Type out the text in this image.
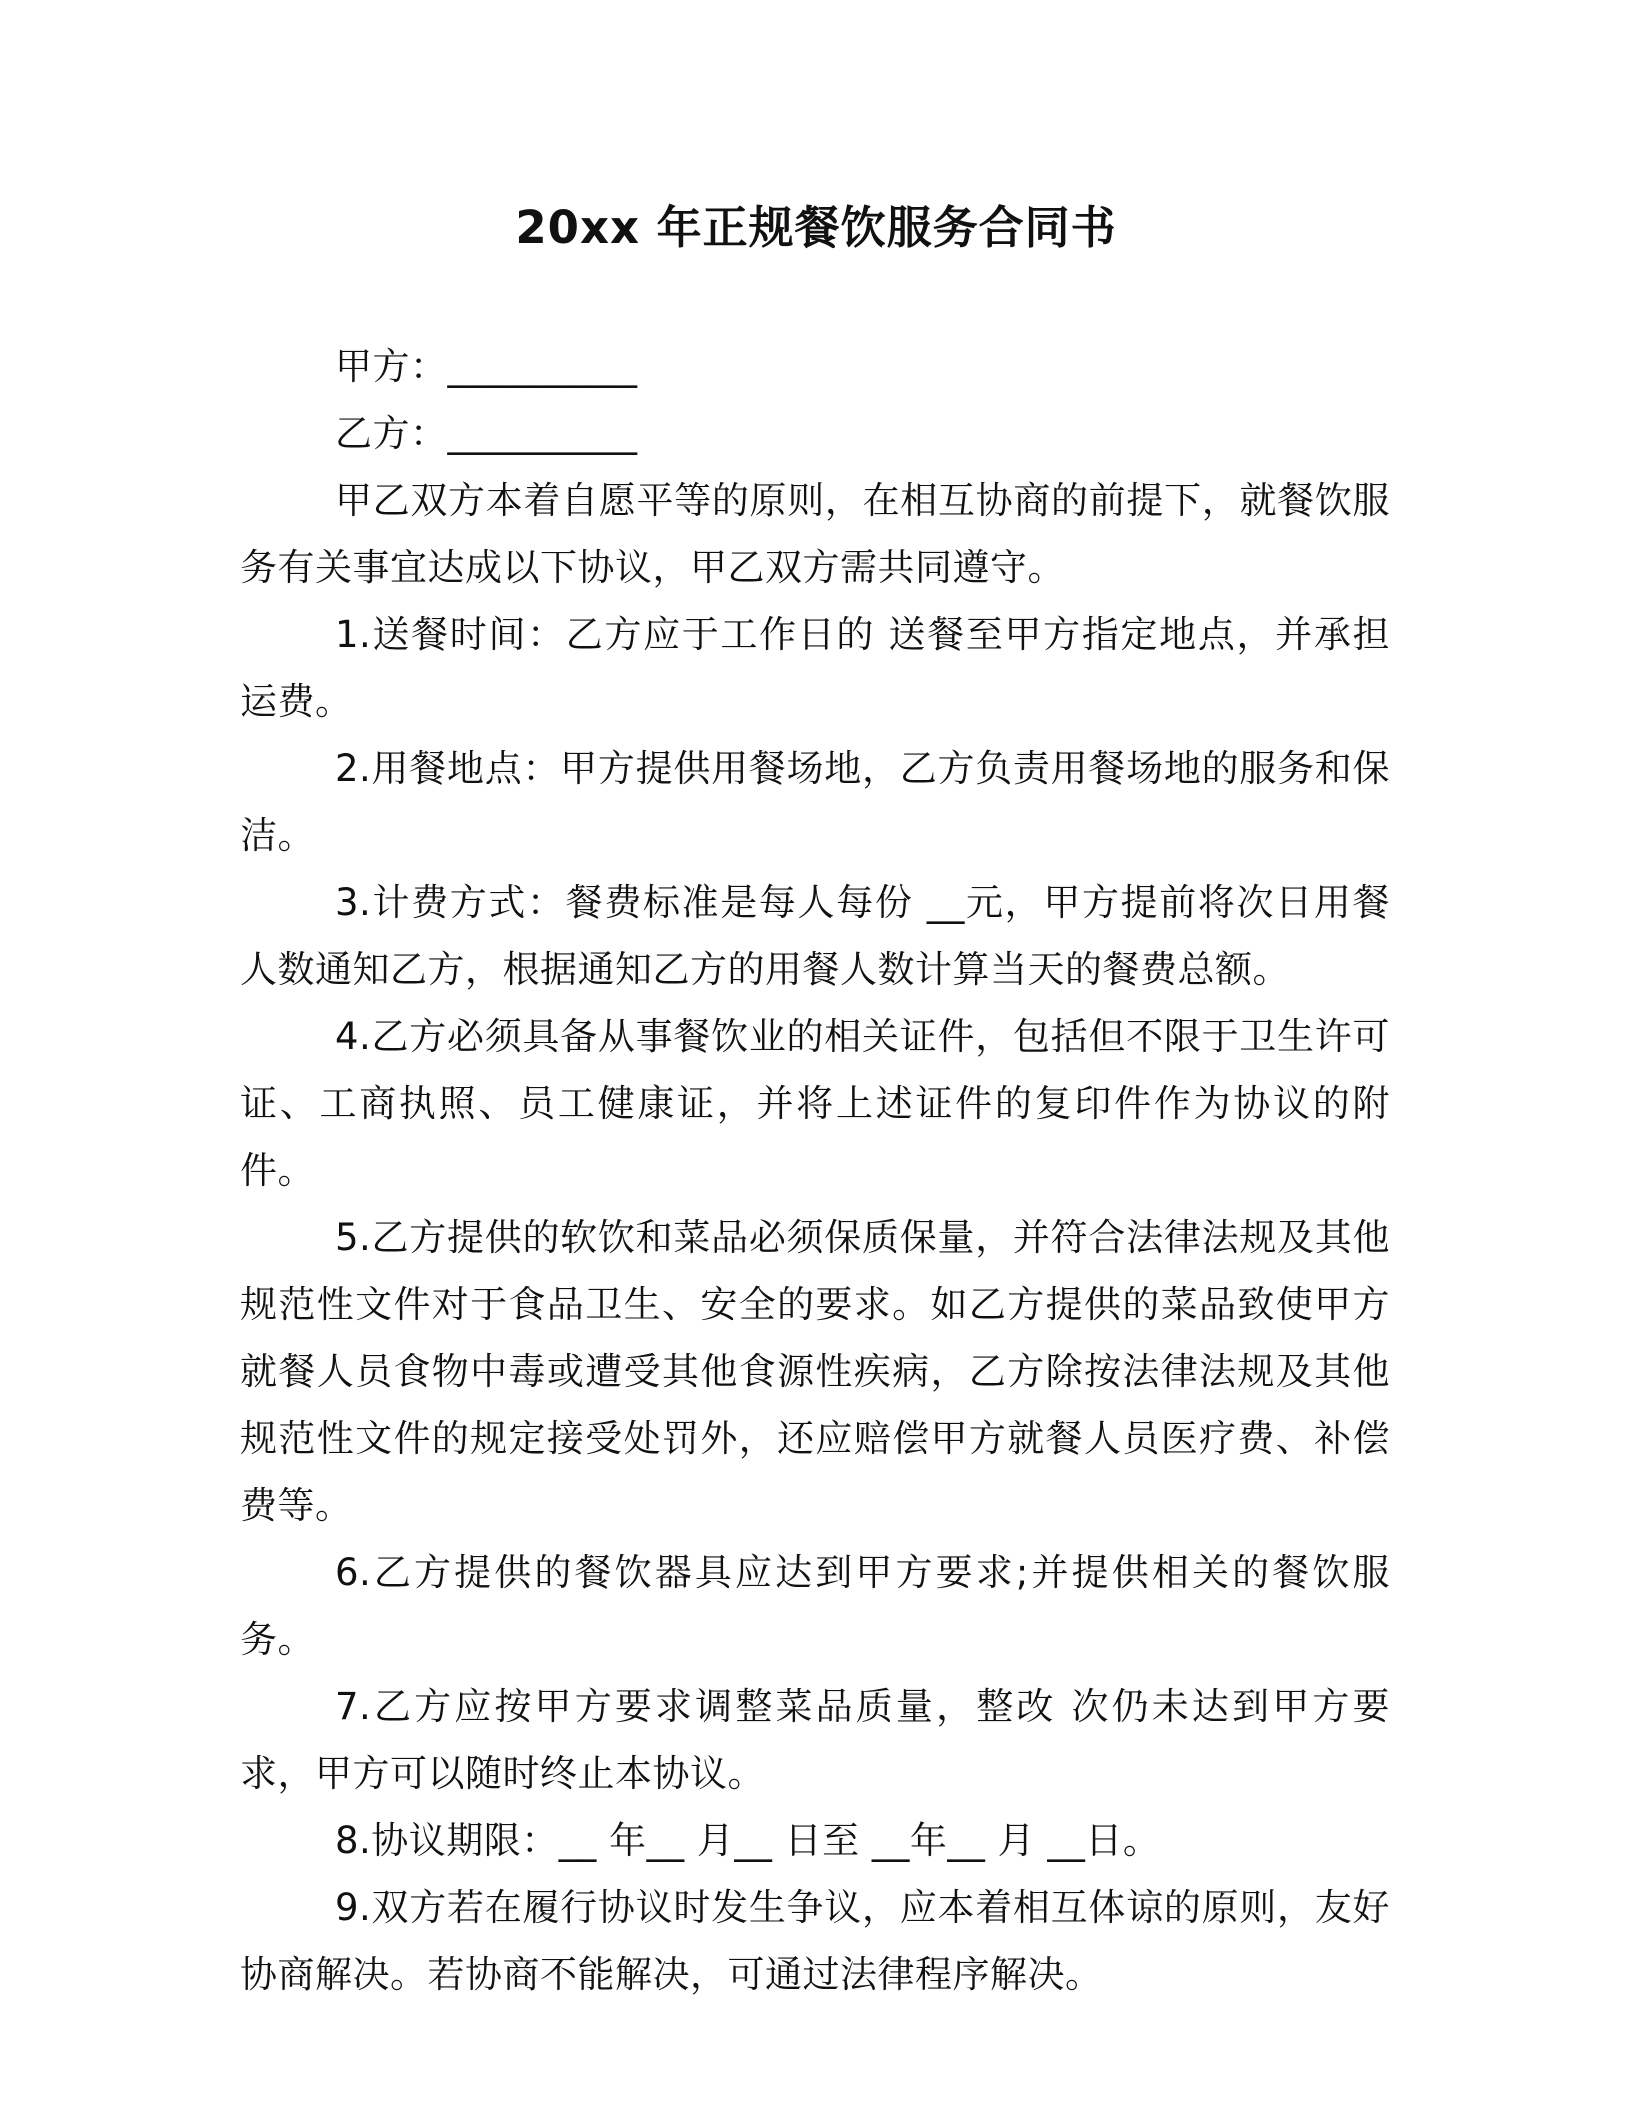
20xx 年正规餐饮服务合同书

甲方：__________

乙方：__________

甲乙双方本着自愿平等的原则，在相互协商的前提下，就餐饮服务有关事宜达成以下协议，甲乙双方需共同遵守。

1.送餐时间：乙方应于工作日的 送餐至甲方指定地点，并承担运费。

2.用餐地点：甲方提供用餐场地，乙方负责用餐场地的服务和保洁。

3.计费方式：餐费标准是每人每份 __元，甲方提前将次日用餐人数通知乙方，根据通知乙方的用餐人数计算当天的餐费总额。

4.乙方必须具备从事餐饮业的相关证件，包括但不限于卫生许可证、工商执照、员工健康证，并将上述证件的复印件作为协议的附件。

5.乙方提供的软饮和菜品必须保质保量，并符合法律法规及其他规范性文件对于食品卫生、安全的要求。如乙方提供的菜品致使甲方就餐人员食物中毒或遭受其他食源性疾病，乙方除按法律法规及其他规范性文件的规定接受处罚外，还应赔偿甲方就餐人员医疗费、补偿费等。

6.乙方提供的餐饮器具应达到甲方要求;并提供相关的餐饮服务。

7.乙方应按甲方要求调整菜品质量，整改 次仍未达到甲方要求，甲方可以随时终止本协议。

8.协议期限：__ 年__ 月__ 日至 __年__ 月 __日。

9.双方若在履行协议时发生争议，应本着相互体谅的原则，友好协商解决。若协商不能解决，可通过法律程序解决。
